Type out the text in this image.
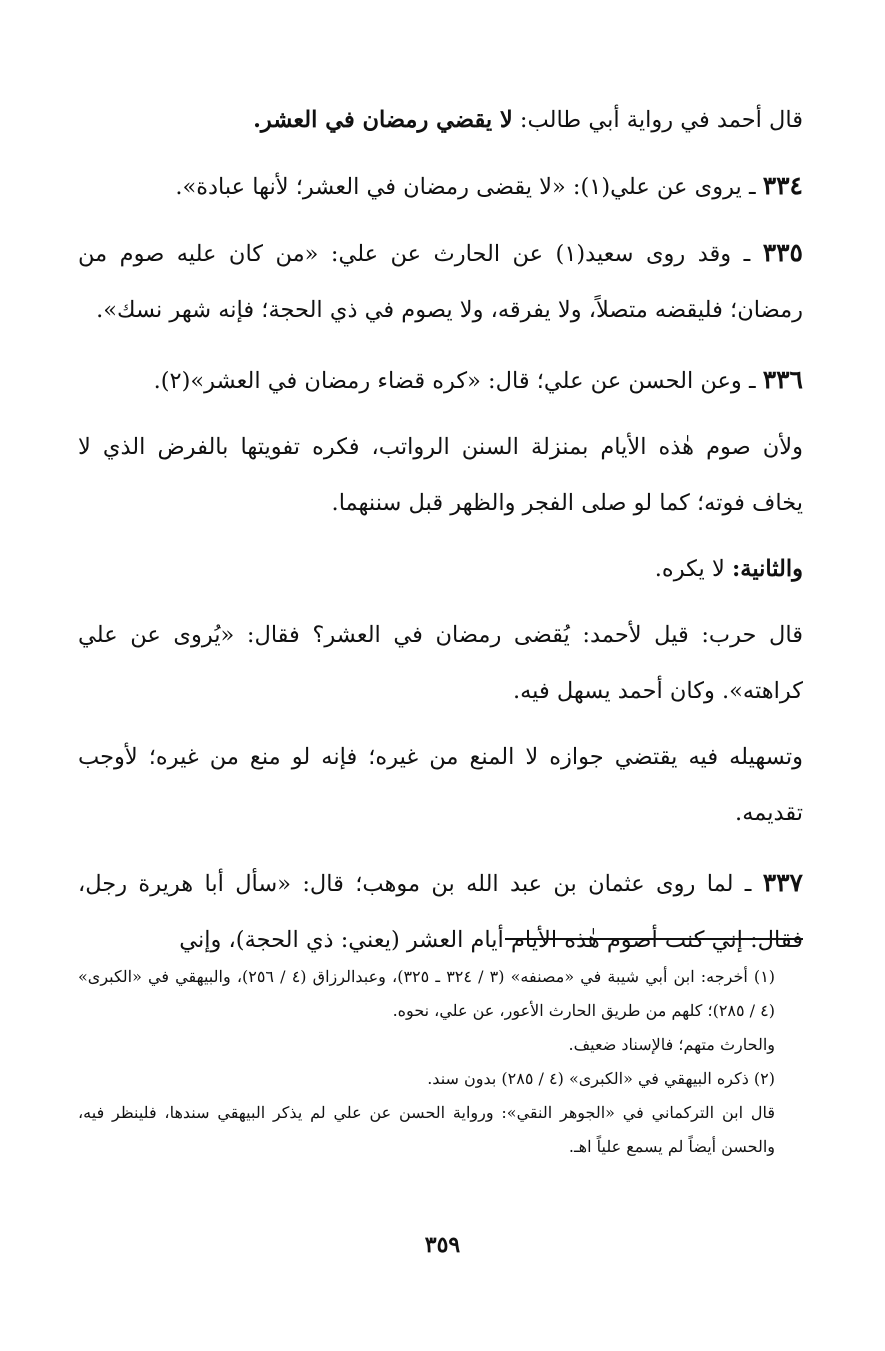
قال أحمد في رواية أبي طالب: لا يقضي رمضان في العشر.

٣٣٤ ـ يروى عن علي(١): «لا يقضى رمضان في العشر؛ لأنها عبادة».

٣٣٥ ـ وقد روى سعيد(١) عن الحارث عن علي: «من كان عليه صوم من رمضان؛ فليقضه متصلاً، ولا يفرقه، ولا يصوم في ذي الحجة؛ فإنه شهر نسك».

٣٣٦ ـ وعن الحسن عن علي؛ قال: «كره قضاء رمضان في العشر»(٢).

ولأن صوم هٰذه الأيام بمنزلة السنن الرواتب، فكره تفويتها بالفرض الذي لا يخاف فوته؛ كما لو صلى الفجر والظهر قبل سننهما.

والثانية: لا يكره.

قال حرب: قيل لأحمد: يُقضى رمضان في العشر؟ فقال: «يُروى عن علي كراهته». وكان أحمد يسهل فيه.

وتسهيله فيه يقتضي جوازه لا المنع من غيره؛ فإنه لو منع من غيره؛ لأوجب تقديمه.

٣٣٧ ـ لما روى عثمان بن عبد الله بن موهب؛ قال: «سأل أبا هريرة رجل، فقال: إني كنت أصوم هٰذه الأيام أيام العشر (يعني: ذي الحجة)، وإني

(١) أخرجه: ابن أبي شيبة في «مصنفه» (٣ / ٣٢٤ ـ ٣٢٥)، وعبدالرزاق (٤ / ٢٥٦)، والبيهقي في «الكبرى» (٤ / ٢٨٥)؛ كلهم من طريق الحارث الأعور، عن علي، نحوه.

والحارث متهم؛ فالإسناد ضعيف.

(٢) ذكره البيهقي في «الكبرى» (٤ / ٢٨٥) بدون سند.

قال ابن التركماني في «الجوهر النقي»: ورواية الحسن عن علي لم يذكر البيهقي سندها، فلينظر فيه، والحسن أيضاً لم يسمع علياً اهـ.

٣٥٩
